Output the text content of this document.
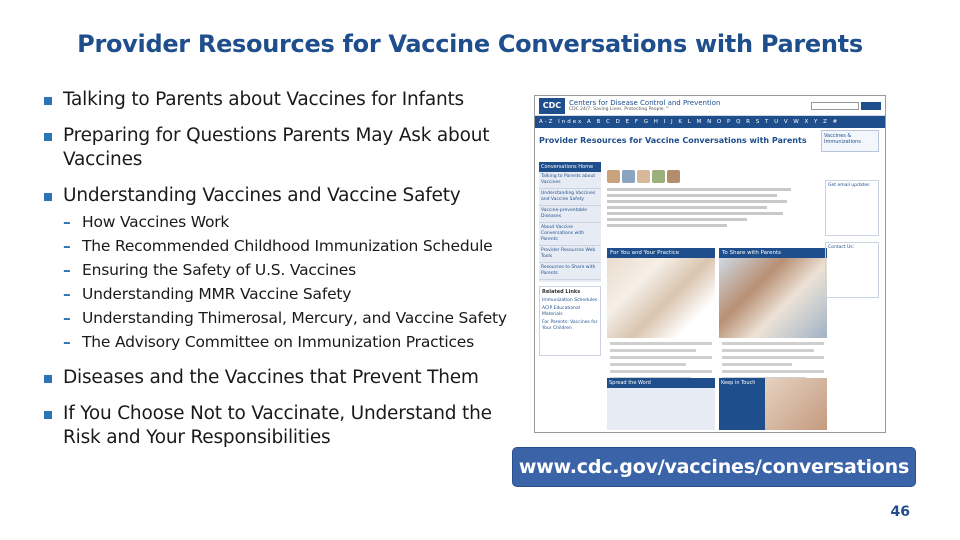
Provider Resources for Vaccine Conversations with Parents
Talking to Parents about Vaccines for Infants
Preparing for Questions Parents May Ask about Vaccines
Understanding Vaccines and Vaccine Safety
– How Vaccines Work
– The Recommended Childhood Immunization Schedule
– Ensuring the Safety of U.S. Vaccines
– Understanding MMR Vaccine Safety
– Understanding Thimerosal, Mercury, and Vaccine Safety
– The Advisory Committee on Immunization Practices
Diseases and the Vaccines that Prevent Them
If You Choose Not to Vaccinate, Understand the Risk and Your Responsibilities
CDC	Centers for Disease Control and Prevention
CDC 24/7: Saving Lives. Protecting People.™
A-Z Index A B C D E F G H I J K L M N O P Q R S T U V W X Y Z #
Provider Resources for Vaccine Conversations with Parents	Vaccines & Immunizations
Conversations Home
Talking to Parents about Vaccines
Understanding Vaccines and Vaccine Safety
Vaccine-preventable Diseases
About Vaccine Conversations with Parents
Provider Resources Web Tools
Resources to Share with Parents
Related Links
Immunization Schedules
ACIP Educational Materials
For Parents: Vaccines for Your Children
For You and Your Practice	To Share with Parents
Get email updates
Contact Us:
Spread the Word	Keep in Touch
www.cdc.gov/vaccines/conversations
46
